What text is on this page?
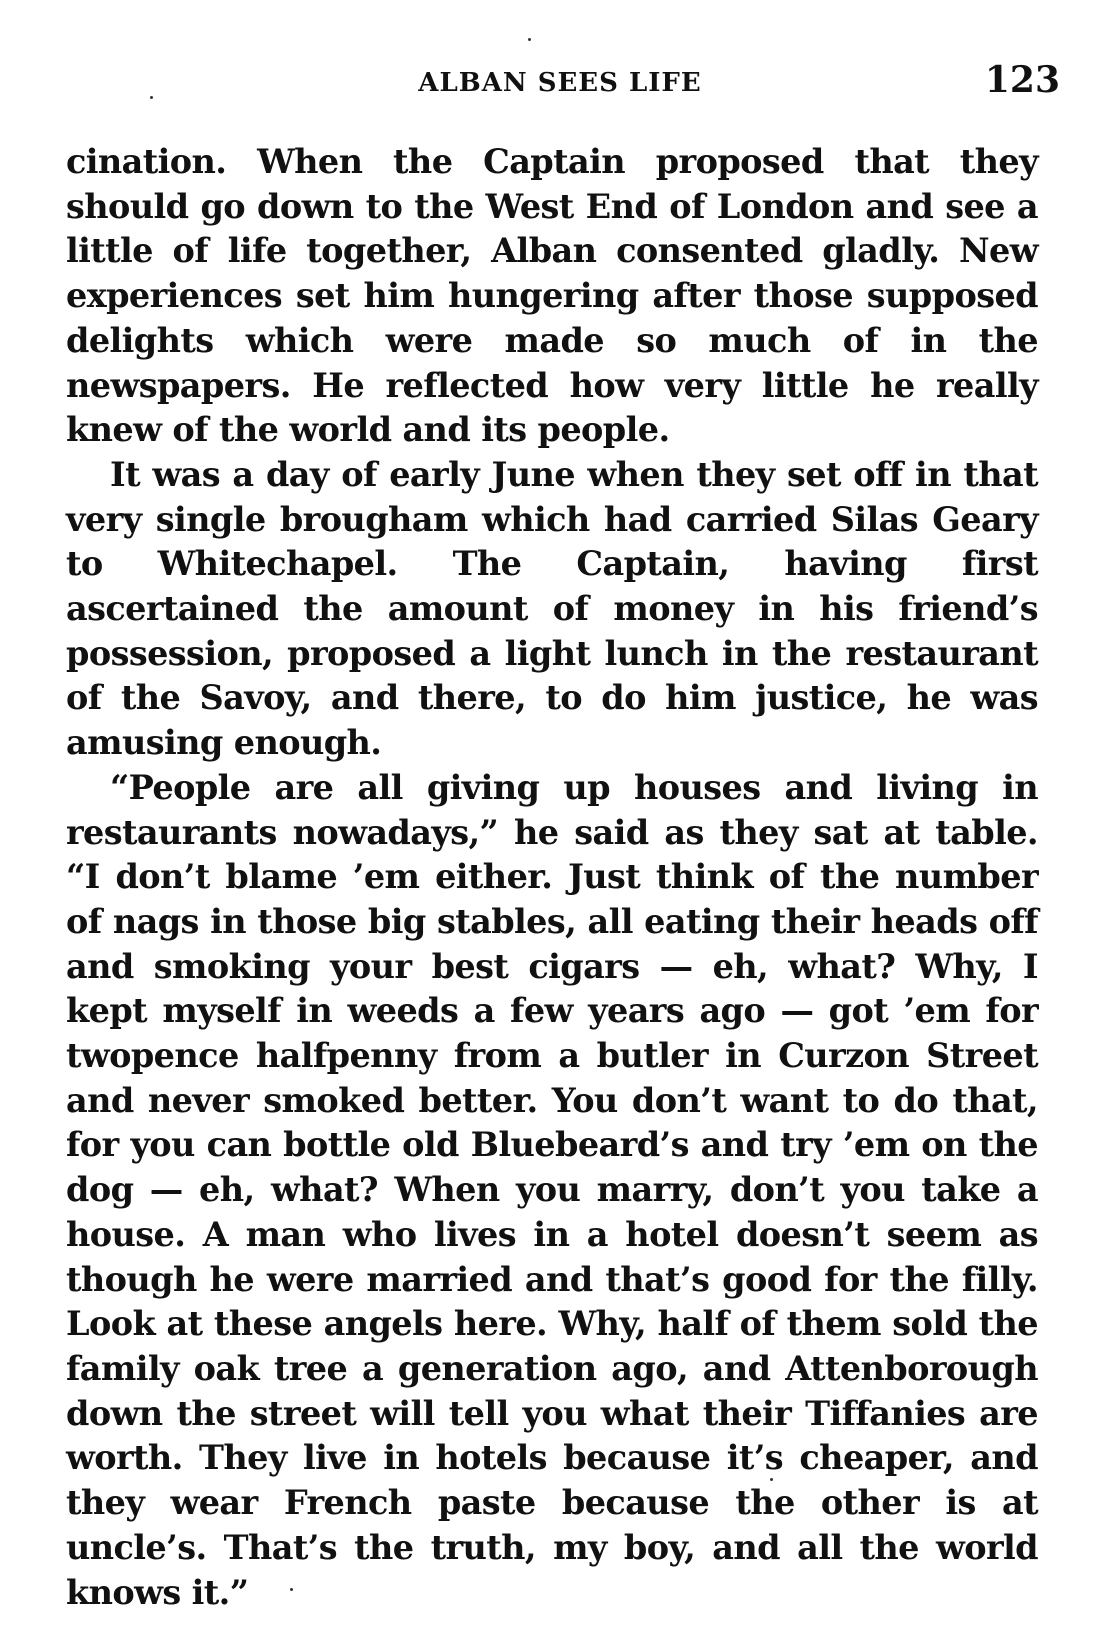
ALBAN SEES LIFE	123

cination. When the Captain proposed that they should go down to the West End of London and see a little of life together, Alban consented gladly. New experiences set him hungering after those supposed delights which were made so much of in the newspapers. He reflected how very little he really knew of the world and its people.

It was a day of early June when they set off in that very single brougham which had carried Silas Geary to Whitechapel. The Captain, having first ascertained the amount of money in his friend’s possession, proposed a light lunch in the restaurant of the Savoy, and there, to do him justice, he was amusing enough.

“People are all giving up houses and living in restaurants nowadays,” he said as they sat at table. “I don’t blame ’em either. Just think of the number of nags in those big stables, all eating their heads off and smoking your best cigars — eh, what? Why, I kept myself in weeds a few years ago — got ’em for twopence halfpenny from a butler in Curzon Street and never smoked better. You don’t want to do that, for you can bottle old Bluebeard’s and try ’em on the dog — eh, what? When you marry, don’t you take a house. A man who lives in a hotel doesn’t seem as though he were married and that’s good for the filly. Look at these angels here. Why, half of them sold the family oak tree a generation ago, and Attenborough down the street will tell you what their Tiffanies are worth. They live in hotels because it’s cheaper, and they wear French paste because the other is at uncle’s. That’s the truth, my boy, and all the world knows it.”
